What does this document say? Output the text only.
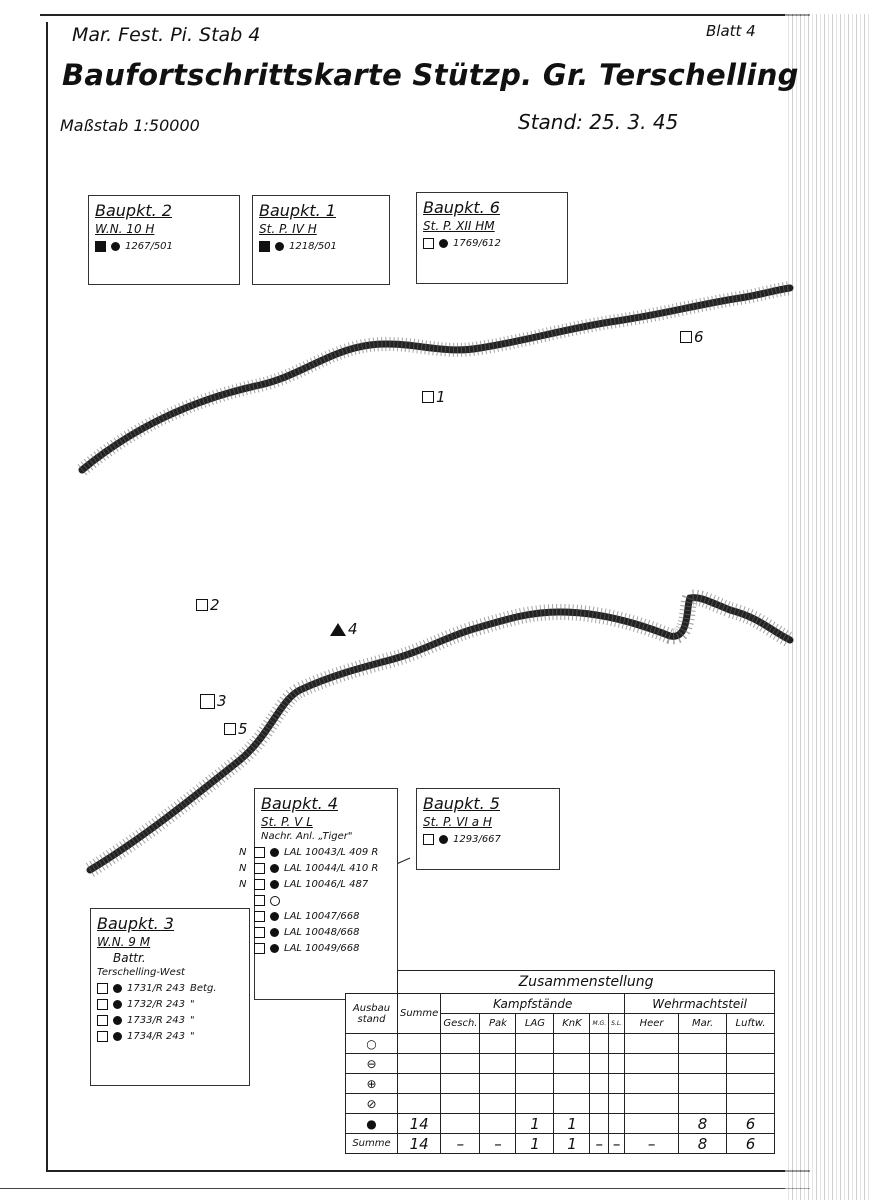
Mar. Fest. Pi. Stab 4	Blatt 4
Baufortschrittskarte Stützp. Gr. Terschelling
Maßstab 1:50000	Stand: 25. 3. 45
Baupkt. 2
W.N. 10 H
1267/501
Baupkt. 1
St. P. IV H
1218/501
Baupkt. 6
St. P. XII HM
1769/612
Baupkt. 4
St. P. V L
Nachr. Anl. „Tiger"
N	LAL 10043/L 409 R
N	LAL 10044/L 410 R
N	LAL 10046/L 487
LAL 10047/668
LAL 10048/668
LAL 10049/668
Baupkt. 5
St. P. VI a H
1293/667
Baupkt. 3
W.N. 9 M
Battr.
Terschelling-West
1731/R 243 Betg.
1732/R 243 "
1733/R 243 "
1734/R 243 "
6
1
2
4
3
5
	Zusammenstellung									
Ausbau stand	Summe	Kampfstände						Wehrmachtsteil		
		Gesch.	Pak	LAG	KnK	M.G.	S.L.	Heer	Mar.	Luftw.
○										
⊖										
⊕										
⊘										
●	14			1	1				8	6
Summe	14	–	–	1	1	–	–	–	8	6
